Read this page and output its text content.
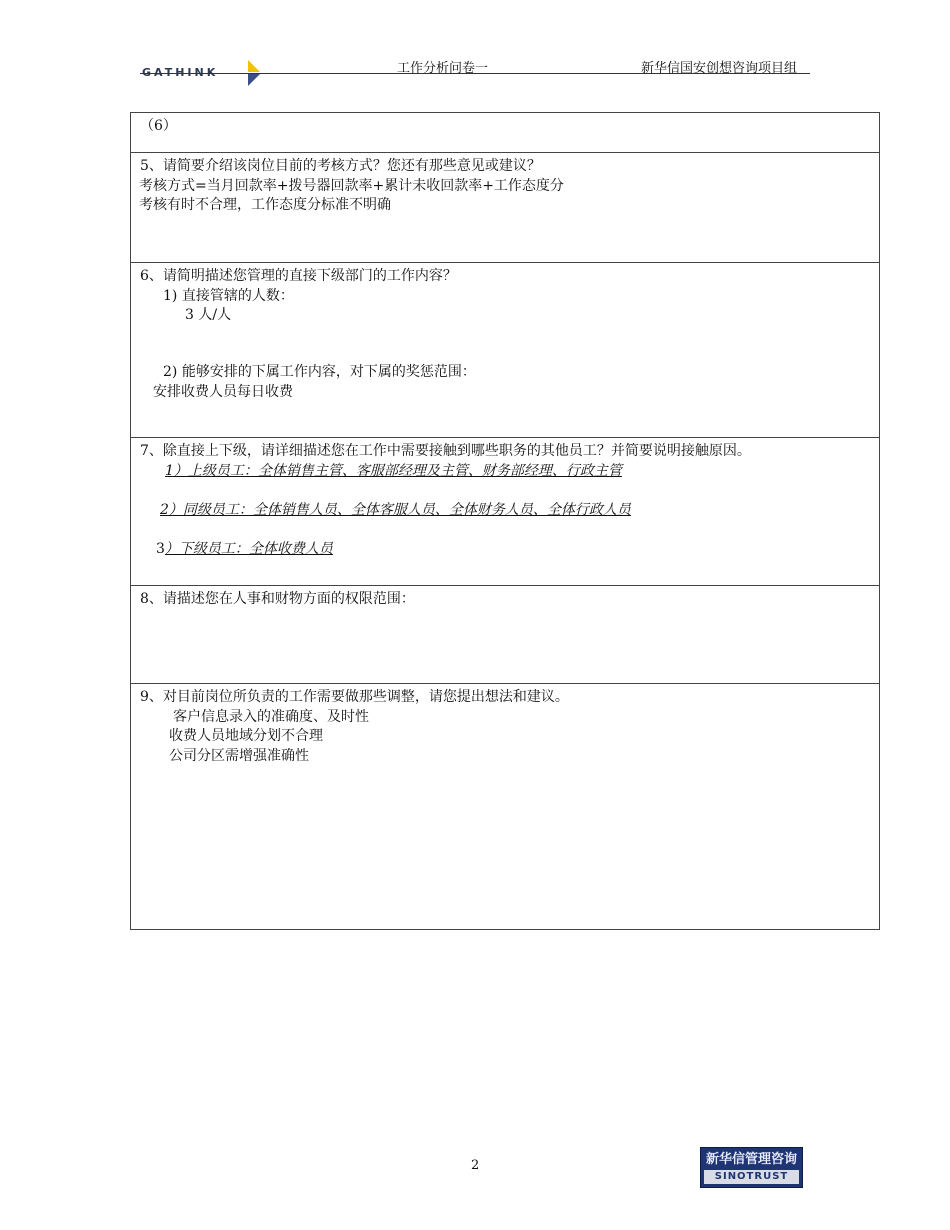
GATHINK	工作分析问卷一	新华信国安创想咨询项目组
（6）
5、请简要介绍该岗位目前的考核方式？您还有那些意见或建议？
考核方式=当月回款率+拨号器回款率+累计未收回款率+工作态度分
考核有时不合理，工作态度分标准不明确
6、请简明描述您管理的直接下级部门的工作内容？
1) 直接管辖的人数：
3 人/人
2) 能够安排的下属工作内容，对下属的奖惩范围：
安排收费人员每日收费
7、除直接上下级，请详细描述您在工作中需要接触到哪些职务的其他员工？并简要说明接触原因。
1）上级员工：全体销售主管、客服部经理及主管、财务部经理、行政主管
2）同级员工：全体销售人员、全体客服人员、全体财务人员、全体行政人员
3）下级员工：全体收费人员
8、请描述您在人事和财物方面的权限范围：
9、对目前岗位所负责的工作需要做那些调整，请您提出想法和建议。
客户信息录入的准确度、及时性
收费人员地域分划不合理
公司分区需增强准确性
2	新华信管理咨询
SINOTRUST
